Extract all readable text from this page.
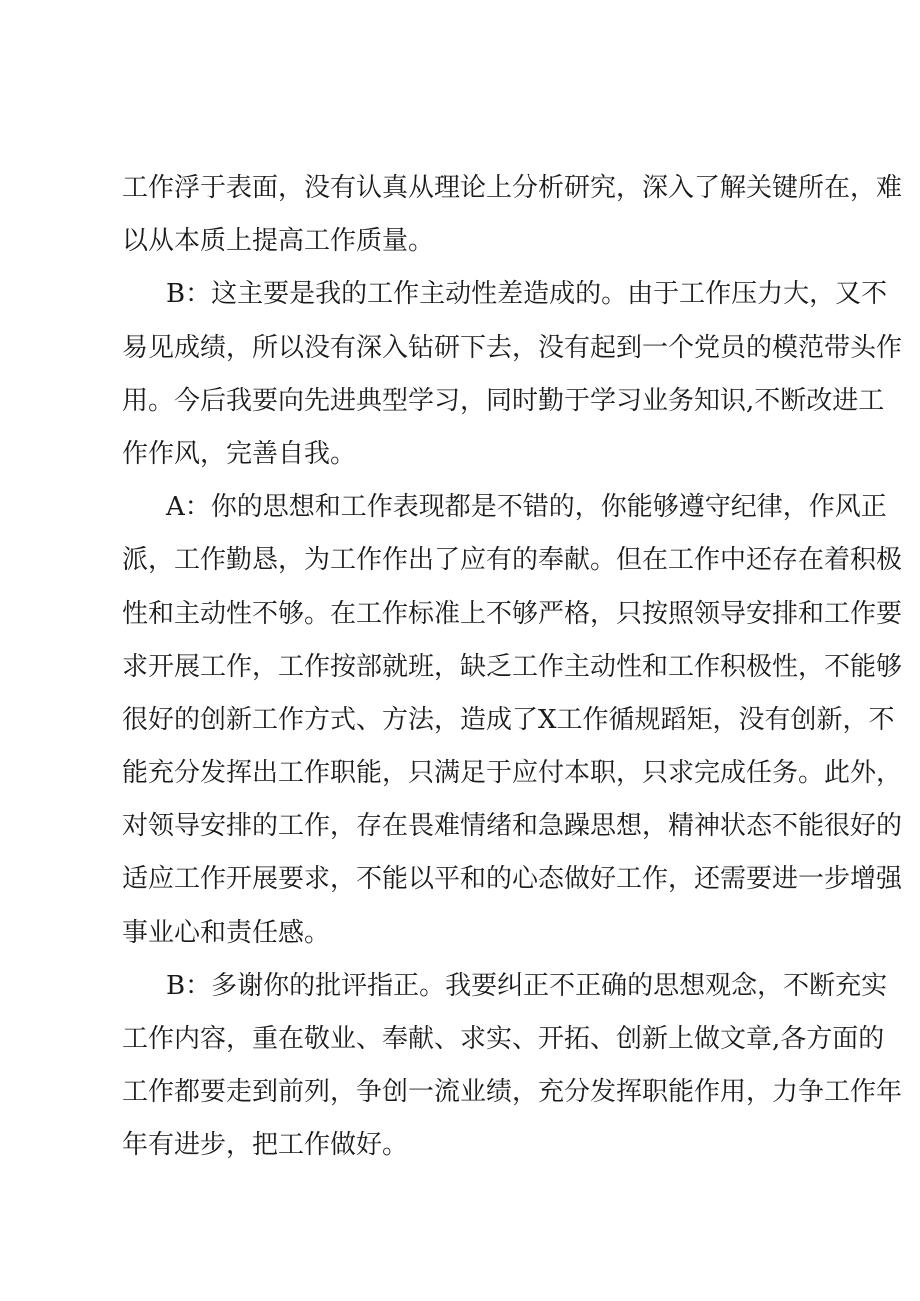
工作浮于表面，没有认真从理论上分析研究，深入了解关键所在，难
以从本质上提高工作质量。
B：这主要是我的工作主动性差造成的。由于工作压力大，又不
易见成绩，所以没有深入钻研下去，没有起到一个党员的模范带头作
用。今后我要向先进典型学习，同时勤于学习业务知识,不断改进工
作作风，完善自我。
A：你的思想和工作表现都是不错的，你能够遵守纪律，作风正
派，工作勤恳，为工作作出了应有的奉献。但在工作中还存在着积极
性和主动性不够。在工作标准上不够严格，只按照领导安排和工作要
求开展工作，工作按部就班，缺乏工作主动性和工作积极性，不能够
很好的创新工作方式、方法，造成了X工作循规蹈矩，没有创新，不
能充分发挥出工作职能，只满足于应付本职，只求完成任务。此外，
对领导安排的工作，存在畏难情绪和急躁思想，精神状态不能很好的
适应工作开展要求，不能以平和的心态做好工作，还需要进一步增强
事业心和责任感。
B：多谢你的批评指正。我要纠正不正确的思想观念，不断充实
工作内容，重在敬业、奉献、求实、开拓、创新上做文章,各方面的
工作都要走到前列，争创一流业绩，充分发挥职能作用，力争工作年
年有进步，把工作做好。
